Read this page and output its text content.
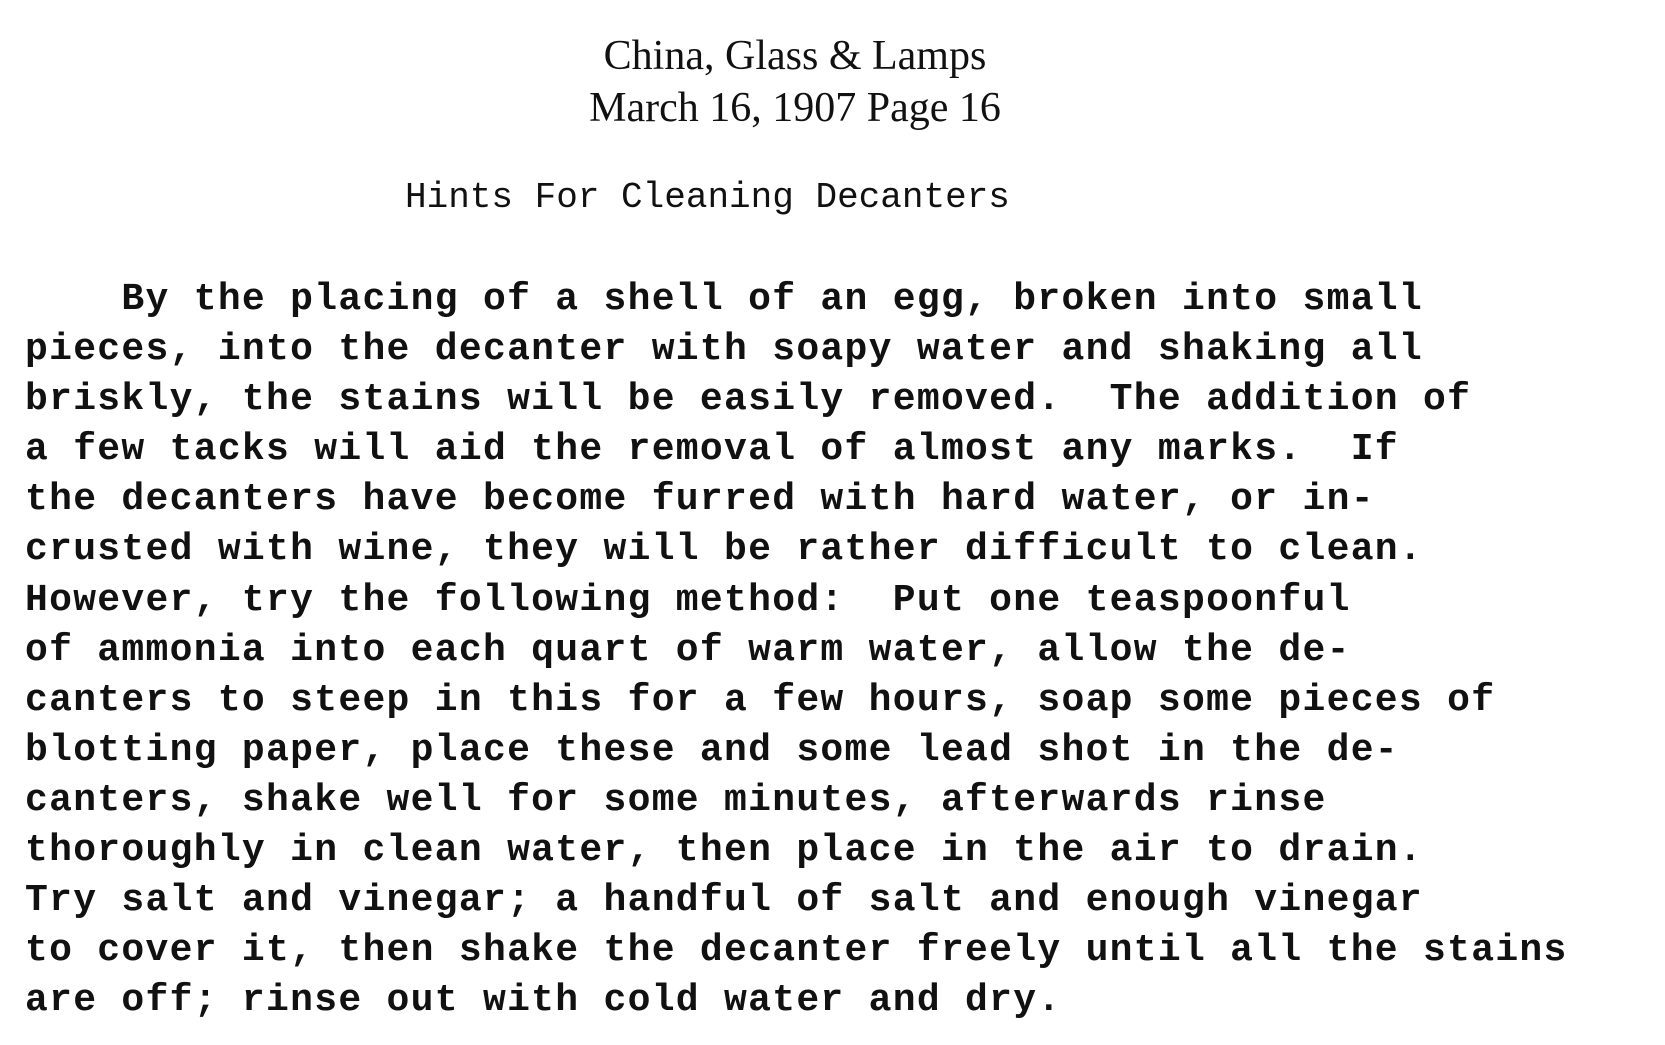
China, Glass & Lamps
March 16, 1907 Page 16
Hints For Cleaning Decanters
By the placing of a shell of an egg, broken into small
pieces, into the decanter with soapy water and shaking all
briskly, the stains will be easily removed.  The addition of
a few tacks will aid the removal of almost any marks.  If
the decanters have become furred with hard water, or in-
crusted with wine, they will be rather difficult to clean.
However, try the following method:  Put one teaspoonful
of ammonia into each quart of warm water, allow the de-
canters to steep in this for a few hours, soap some pieces of
blotting paper, place these and some lead shot in the de-
canters, shake well for some minutes, afterwards rinse
thoroughly in clean water, then place in the air to drain.
Try salt and vinegar; a handful of salt and enough vinegar
to cover it, then shake the decanter freely until all the stains
are off; rinse out with cold water and dry.
